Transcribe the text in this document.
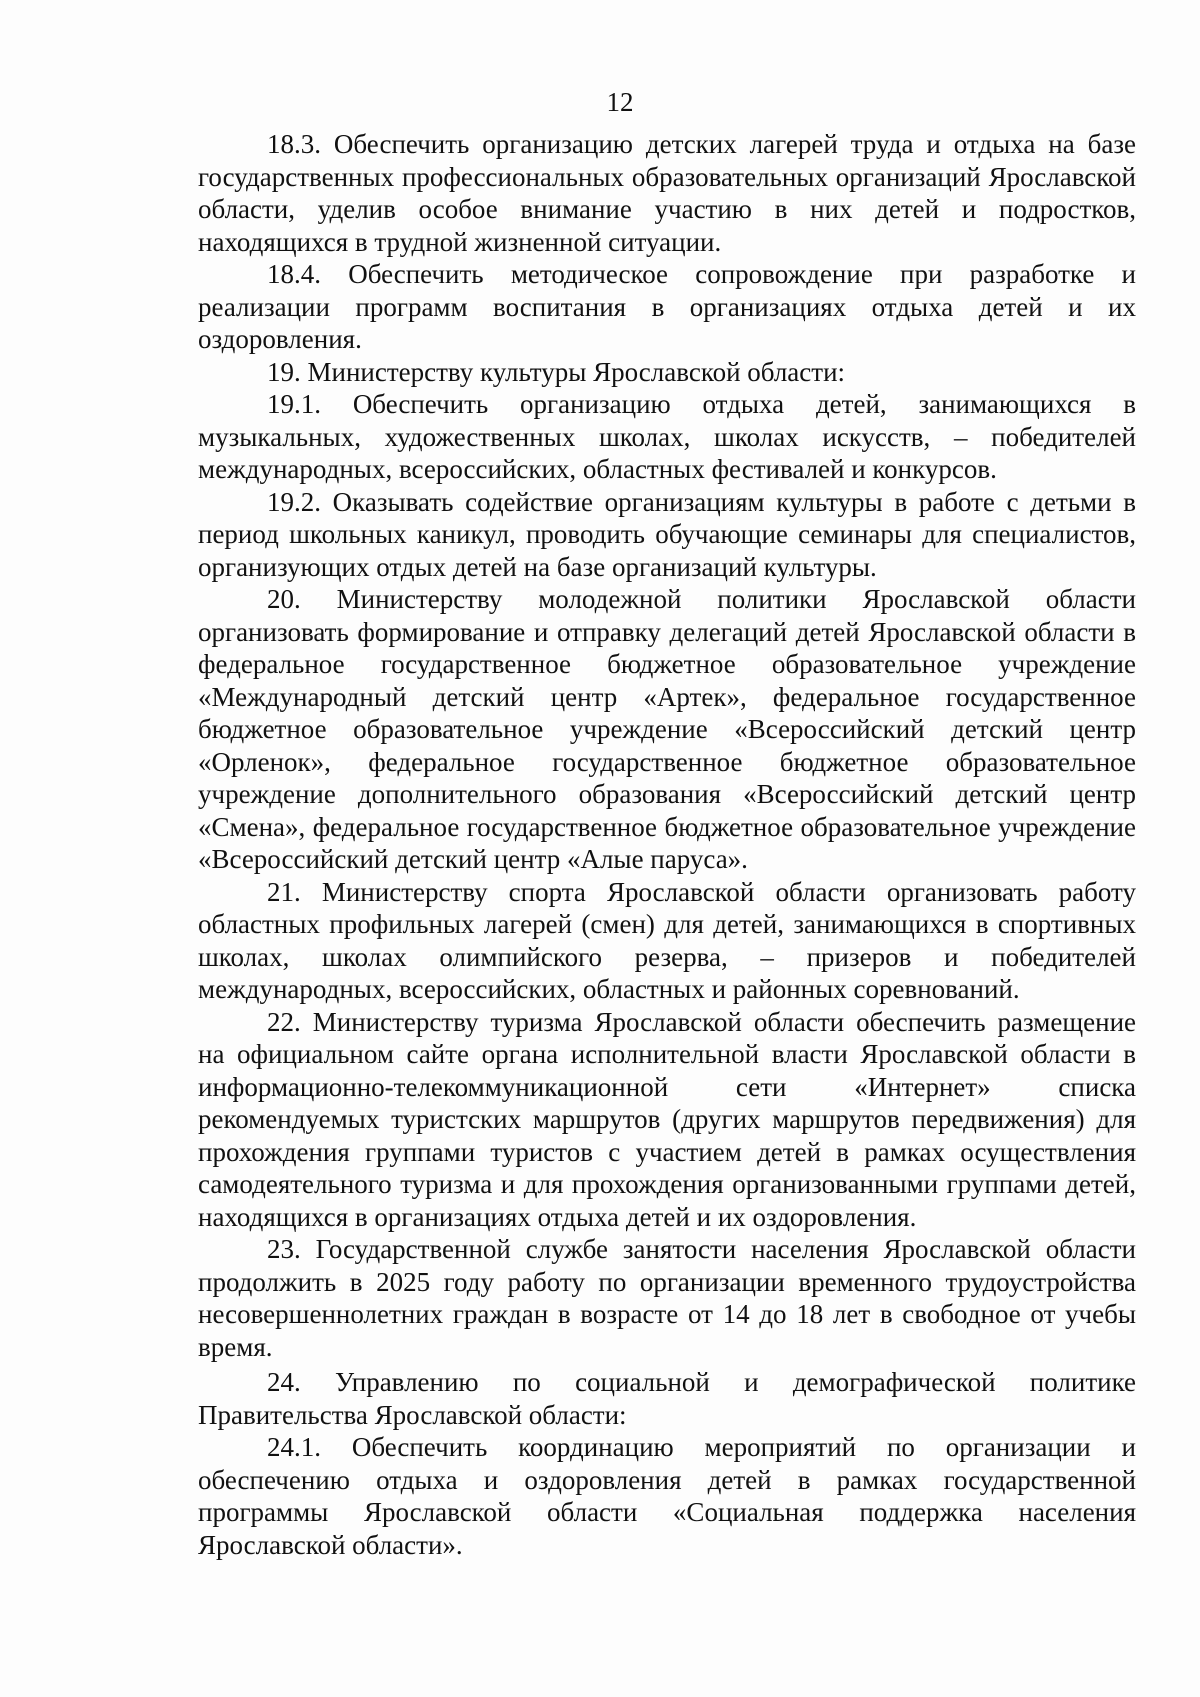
12

18.3. Обеспечить организацию детских лагерей труда и отдыха на базе государственных профессиональных образовательных организаций Ярославской области, уделив особое внимание участию в них детей и подростков, находящихся в трудной жизненной ситуации.

18.4. Обеспечить методическое сопровождение при разработке и реализации программ воспитания в организациях отдыха детей и их оздоровления.

19. Министерству культуры Ярославской области:

19.1. Обеспечить организацию отдыха детей, занимающихся в музыкальных, художественных школах, школах искусств, – победителей международных, всероссийских, областных фестивалей и конкурсов.

19.2. Оказывать содействие организациям культуры в работе с детьми в период школьных каникул, проводить обучающие семинары для специалистов, организующих отдых детей на базе организаций культуры.

20. Министерству молодежной политики Ярославской области организовать формирование и отправку делегаций детей Ярославской области в федеральное государственное бюджетное образовательное учреждение «Международный детский центр «Артек», федеральное государственное бюджетное образовательное учреждение «Всероссийский детский центр «Орленок», федеральное государственное бюджетное образовательное учреждение дополнительного образования «Всероссийский детский центр «Смена», федеральное государственное бюджетное образовательное учреждение «Всероссийский детский центр «Алые паруса».

21. Министерству спорта Ярославской области организовать работу областных профильных лагерей (смен) для детей, занимающихся в спортивных школах, школах олимпийского резерва, – призеров и победителей международных, всероссийских, областных и районных соревнований.

22. Министерству туризма Ярославской области обеспечить размещение на официальном сайте органа исполнительной власти Ярославской области в информационно-телекоммуникационной сети «Интернет» списка рекомендуемых туристских маршрутов (других маршрутов передвижения) для прохождения группами туристов с участием детей в рамках осуществления самодеятельного туризма и для прохождения организованными группами детей, находящихся в организациях отдыха детей и их оздоровления.

23. Государственной службе занятости населения Ярославской области продолжить в 2025 году работу по организации временного трудоустройства несовершеннолетних граждан в возрасте от 14 до 18 лет в свободное от учебы время.

24. Управлению по социальной и демографической политике Правительства Ярославской области:

24.1. Обеспечить координацию мероприятий по организации и обеспечению отдыха и оздоровления детей в рамках государственной программы Ярославской области «Социальная поддержка населения Ярославской области».
